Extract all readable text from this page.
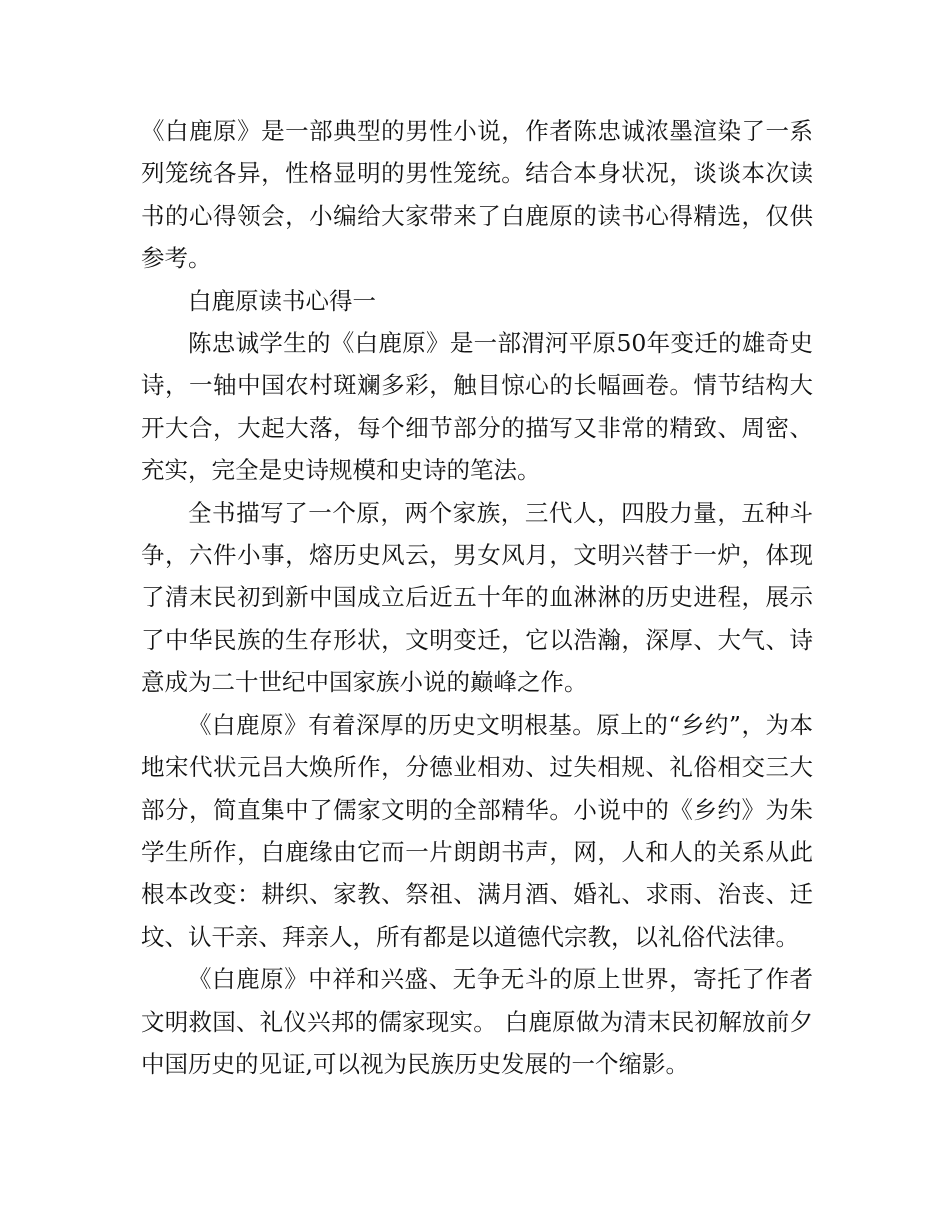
《白鹿原》是一部典型的男性小说，作者陈忠诚浓墨渲染了一系列笼统各异，性格显明的男性笼统。结合本身状况，谈谈本次读书的心得领会，小编给大家带来了白鹿原的读书心得精选，仅供参考。

白鹿原读书心得一

陈忠诚学生的《白鹿原》是一部渭河平原50年变迁的雄奇史诗，一轴中国农村斑斓多彩，触目惊心的长幅画卷。情节结构大开大合，大起大落，每个细节部分的描写又非常的精致、周密、充实，完全是史诗规模和史诗的笔法。

全书描写了一个原，两个家族，三代人，四股力量，五种斗争，六件小事，熔历史风云，男女风月，文明兴替于一炉，体现了清末民初到新中国成立后近五十年的血淋淋的历史进程，展示了中华民族的生存形状，文明变迁，它以浩瀚，深厚、大气、诗意成为二十世纪中国家族小说的巅峰之作。

《白鹿原》有着深厚的历史文明根基。原上的“乡约”，为本地宋代状元吕大焕所作，分德业相劝、过失相规、礼俗相交三大部分，简直集中了儒家文明的全部精华。小说中的《乡约》为朱学生所作，白鹿缘由它而一片朗朗书声，网，人和人的关系从此根本改变：耕织、家教、祭祖、满月酒、婚礼、求雨、治丧、迁坟、认干亲、拜亲人，所有都是以道德代宗教，以礼俗代法律。

《白鹿原》中祥和兴盛、无争无斗的原上世界，寄托了作者文明救国、礼仪兴邦的儒家现实。 白鹿原做为清末民初解放前夕中国历史的见证,可以视为民族历史发展的一个缩影。
